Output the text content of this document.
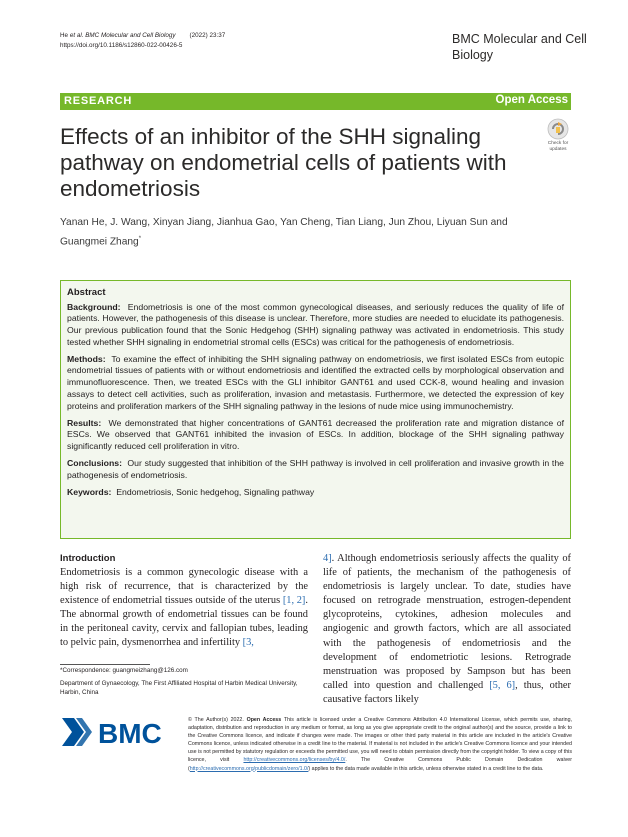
He et al. BMC Molecular and Cell Biology (2022) 23:37
https://doi.org/10.1186/s12860-022-00426-5	BMC Molecular and Cell Biology
RESEARCH	Open Access
Effects of an inhibitor of the SHH signaling pathway on endometrial cells of patients with endometriosis
Check for
updates
Yanan He, J. Wang, Xinyan Jiang, Jianhua Gao, Yan Cheng, Tian Liang, Jun Zhou, Liyuan Sun and Guangmei Zhang*
Abstract
Background: Endometriosis is one of the most common gynecological diseases, and seriously reduces the quality of life of patients. However, the pathogenesis of this disease is unclear. Therefore, more studies are needed to elucidate its pathogenesis. Our previous publication found that the Sonic Hedgehog (SHH) signaling pathway was activated in endometriosis. This study tested whether SHH signaling in endometrial stromal cells (ESCs) was critical for the pathogenesis of endometriosis.
Methods: To examine the effect of inhibiting the SHH signaling pathway on endometriosis, we first isolated ESCs from eutopic endometrial tissues of patients with or without endometriosis and identified the extracted cells by morphological observation and immunofluorescence. Then, we treated ESCs with the GLI inhibitor GANT61 and used CCK-8, wound healing and invasion assays to detect cell activities, such as proliferation, invasion and metastasis. Furthermore, we detected the expression of key proteins and proliferation markers of the SHH signaling pathway in the lesions of nude mice using immunochemistry.
Results: We demonstrated that higher concentrations of GANT61 decreased the proliferation rate and migration distance of ESCs. We observed that GANT61 inhibited the invasion of ESCs. In addition, blockage of the SHH signaling pathway significantly reduced cell proliferation in vitro.
Conclusions: Our study suggested that inhibition of the SHH pathway is involved in cell proliferation and invasive growth in the pathogenesis of endometriosis.
Keywords: Endometriosis, Sonic hedgehog, Signaling pathway
Introduction
Endometriosis is a common gynecologic disease with a high risk of recurrence, that is characterized by the existence of endometrial tissues outside of the uterus [1, 2]. The abnormal growth of endometrial tissues can be found in the peritoneal cavity, cervix and fallopian tubes, leading to pelvic pain, dysmenorrhea and infertility [3,
4]. Although endometriosis seriously affects the quality of life of patients, the mechanism of the pathogenesis of endometriosis is largely unclear. To date, studies have focused on retrograde menstruation, estrogen-dependent glycoproteins, cytokines, adhesion molecules and angiogenic and growth factors, which are all associated with the pathogenesis of endometriosis and the development of endometriotic lesions. Retrograde menstruation was proposed by Sampson but has been called into question and challenged [5, 6], thus, other causative factors likely
*Correspondence: guangmeizhang@126.com
Department of Gynaecology, The First Affiliated Hospital of Harbin Medical University, Harbin, China
BMC	© The Author(s) 2022. Open Access This article is licensed under a Creative Commons Attribution 4.0 International License, which permits use, sharing, adaptation, distribution and reproduction in any medium or format, as long as you give appropriate credit to the original author(s) and the source, provide a link to the Creative Commons licence, and indicate if changes were made. The images or other third party material in this article are included in the article's Creative Commons licence, unless indicated otherwise in a credit line to the material. If material is not included in the article's Creative Commons licence and your intended use is not permitted by statutory regulation or exceeds the permitted use, you will need to obtain permission directly from the copyright holder. To view a copy of this licence, visit http://creativecommons.org/licenses/by/4.0/. The Creative Commons Public Domain Dedication waiver (http://creativecommons.org/publicdomain/zero/1.0/) applies to the data made available in this article, unless otherwise stated in a credit line to the data.
